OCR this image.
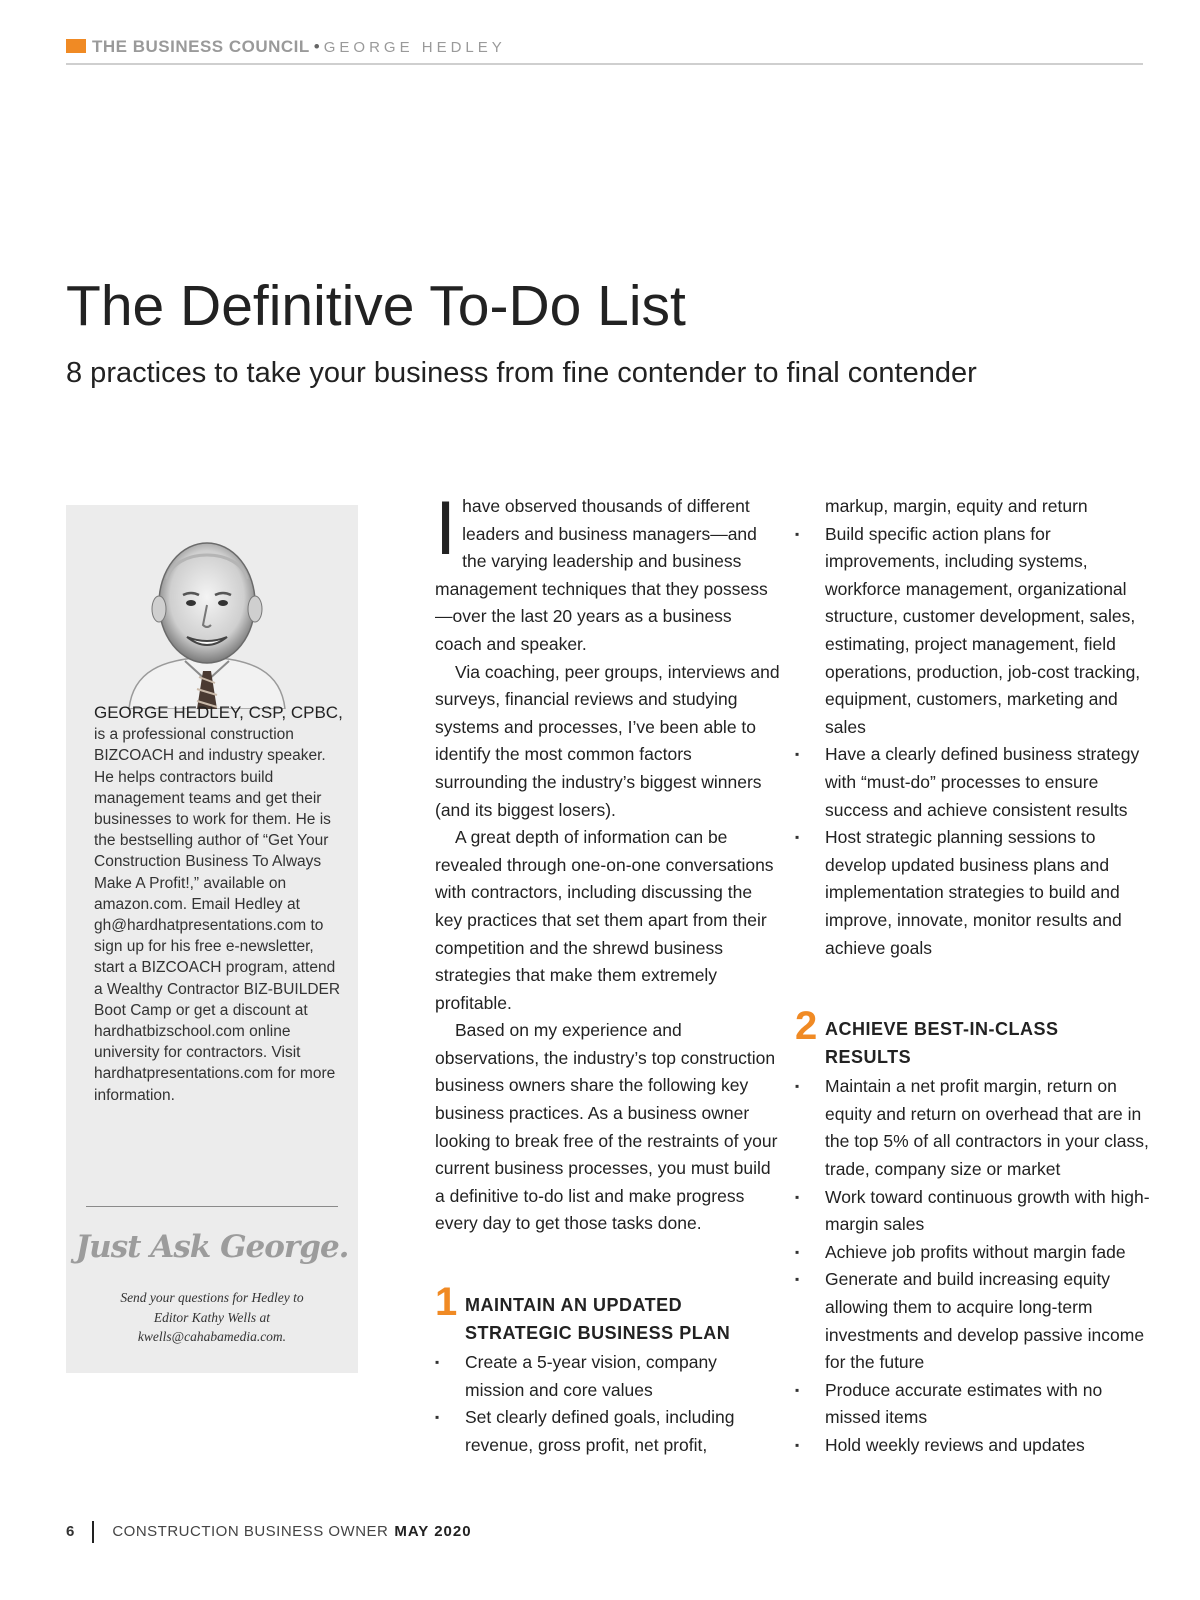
THE BUSINESS COUNCIL • GEORGE HEDLEY
The Definitive To-Do List
8 practices to take your business from fine contender to final contender
GEORGE HEDLEY, CSP, CPBC, is a professional construction BIZCOACH and industry speaker. He helps contractors build management teams and get their businesses to work for them. He is the bestselling author of “Get Your Construction Business To Always Make A Profit!,” available on amazon.com. Email Hedley at gh@hardhatpresentations.com to sign up for his free e-newsletter, start a BIZCOACH program, attend a Wealthy Contractor BIZ-BUILDER Boot Camp or get a discount at hardhatbizschool.com online university for contractors. Visit hardhatpresentations.com for more information.
Just Ask George.
Send your questions for Hedley to Editor Kathy Wells at kwells@cahabamedia.com.

Ihave observed thousands of different leaders and business managers—and the varying leadership and business management techniques that they possess—over the last 20 years as a business coach and speaker.

Via coaching, peer groups, interviews and surveys, financial reviews and studying systems and processes, I’ve been able to identify the most common factors surrounding the industry’s biggest winners (and its biggest losers).

A great depth of information can be revealed through one-on-one conversations with contractors, including discussing the key practices that set them apart from their competition and the shrewd business strategies that make them extremely profitable.

Based on my experience and observations, the industry’s top construction business owners share the following key business practices. As a business owner looking to break free of the restraints of your current business processes, you must build a definitive to-do list and make progress every day to get those tasks done.

1 MAINTAIN AN UPDATED STRATEGIC BUSINESS PLAN
▪ Create a 5-year vision, company mission and core values
▪ Set clearly defined goals, including revenue, gross profit, net profit,
markup, margin, equity and return
▪ Build specific action plans for improvements, including systems, workforce management, organizational structure, customer development, sales, estimating, project management, field operations, production, job-cost tracking, equipment, customers, marketing and sales
▪ Have a clearly defined business strategy with “must-do” processes to ensure success and achieve consistent results
▪ Host strategic planning sessions to develop updated business plans and implementation strategies to build and improve, innovate, monitor results and achieve goals
2 ACHIEVE BEST-IN-CLASS RESULTS
▪ Maintain a net profit margin, return on equity and return on overhead that are in the top 5% of all contractors in your class, trade, company size or market
▪ Work toward continuous growth with high-margin sales
▪ Achieve job profits without margin fade
▪ Generate and build increasing equity allowing them to acquire long-term investments and develop passive income for the future
▪ Produce accurate estimates with no missed items
▪ Hold weekly reviews and updates
6	CONSTRUCTION BUSINESS OWNER MAY 2020
